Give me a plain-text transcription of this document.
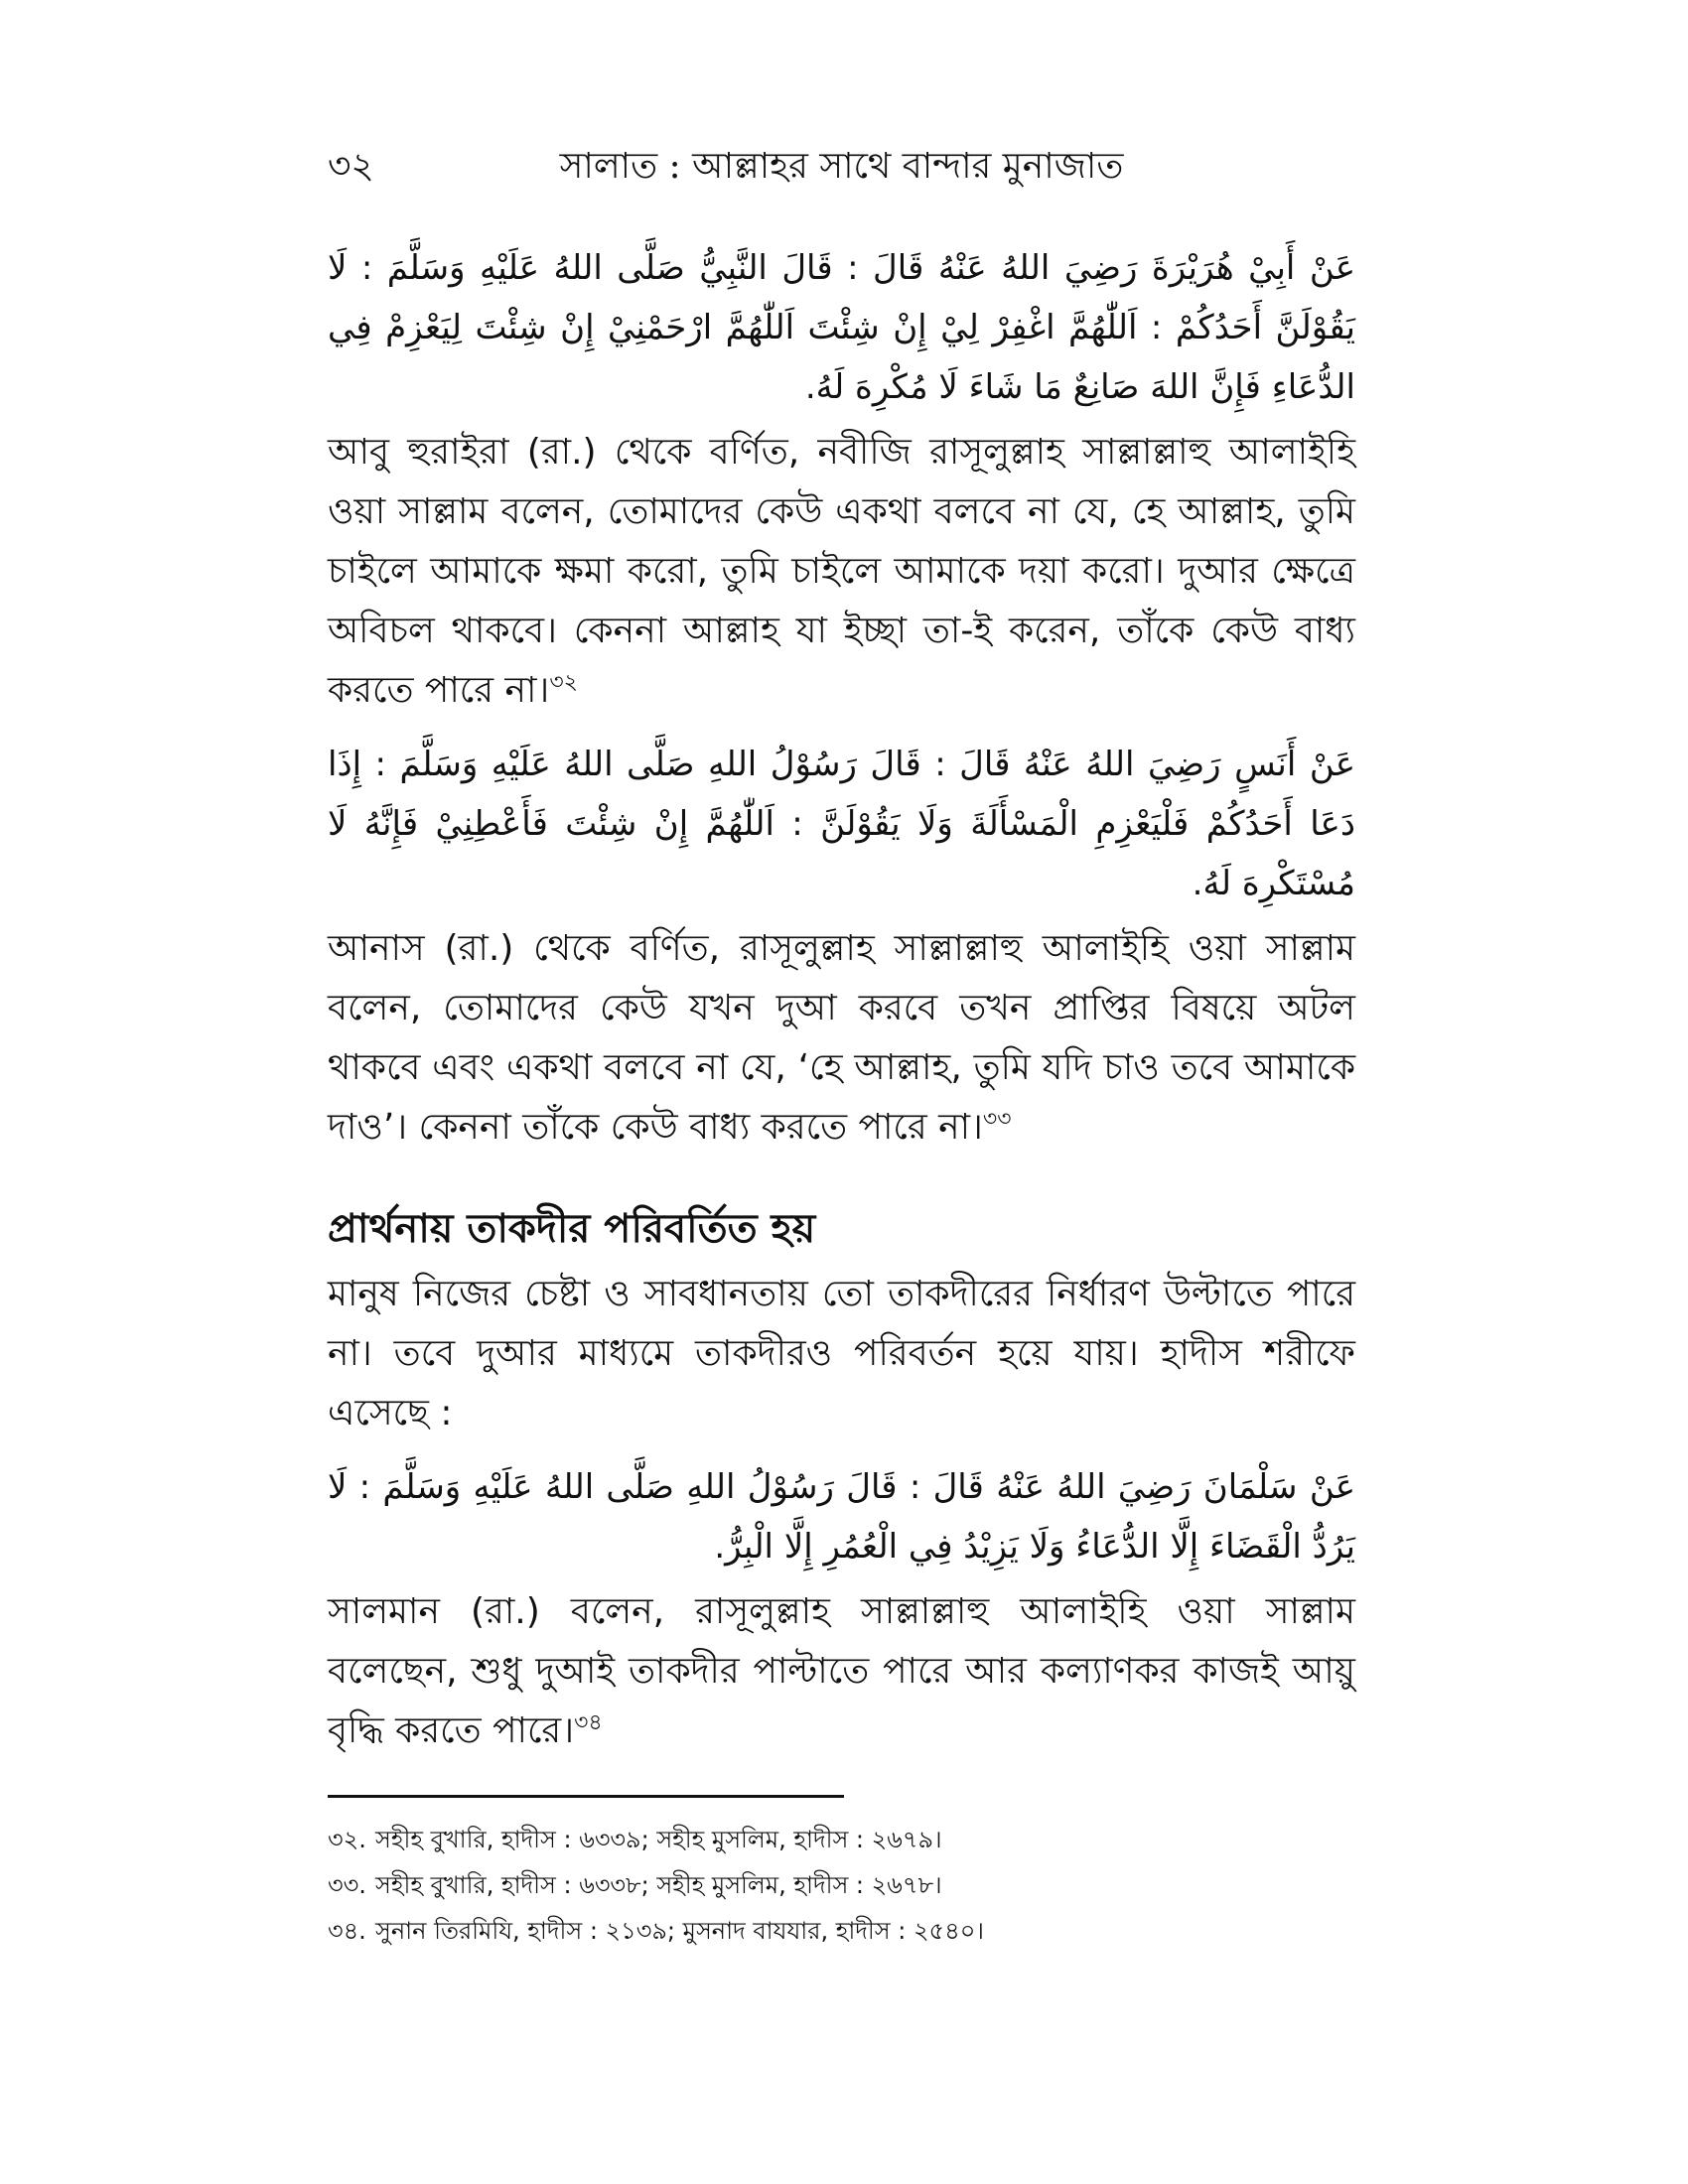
৩২	সালাত : আল্লাহর সাথে বান্দার মুনাজাত

عَنْ أَبِيْ هُرَيْرَةَ رَضِيَ اللهُ عَنْهُ قَالَ : قَالَ النَّبِيُّ صَلَّى اللهُ عَلَيْهِ وَسَلَّمَ : لَا يَقُوْلَنَّ أَحَدُكُمْ : اَللّٰهُمَّ اغْفِرْ لِيْ إِنْ شِئْتَ اَللّٰهُمَّ ارْحَمْنِيْ إِنْ شِئْتَ لِيَعْزِمْ فِي الدُّعَاءِ فَإِنَّ اللهَ صَانِعٌ مَا شَاءَ لَا مُكْرِهَ لَهُ.

আবু হুরাইরা (রা.) থেকে বর্ণিত, নবীজি রাসূলুল্লাহ সাল্লাল্লাহু আলাইহি ওয়া সাল্লাম বলেন, তোমাদের কেউ একথা বলবে না যে, হে আল্লাহ, তুমি চাইলে আমাকে ক্ষমা করো, তুমি চাইলে আমাকে দয়া করো। দুআর ক্ষেত্রে অবিচল থাকবে। কেননা আল্লাহ যা ইচ্ছা তা-ই করেন, তাঁকে কেউ বাধ্য করতে পারে না।$^{৩২}$

عَنْ أَنَسٍ رَضِيَ اللهُ عَنْهُ قَالَ : قَالَ رَسُوْلُ اللهِ صَلَّى اللهُ عَلَيْهِ وَسَلَّمَ : إِذَا دَعَا أَحَدُكُمْ فَلْيَعْزِمِ الْمَسْأَلَةَ وَلَا يَقُوْلَنَّ : اَللّٰهُمَّ إِنْ شِئْتَ فَأَعْطِنِيْ فَإِنَّهُ لَا مُسْتَكْرِهَ لَهُ.

আনাস (রা.) থেকে বর্ণিত, রাসূলুল্লাহ সাল্লাল্লাহু আলাইহি ওয়া সাল্লাম বলেন, তোমাদের কেউ যখন দুআ করবে তখন প্রাপ্তির বিষয়ে অটল থাকবে এবং একথা বলবে না যে, ‘হে আল্লাহ, তুমি যদি চাও তবে আমাকে দাও’। কেননা তাঁকে কেউ বাধ্য করতে পারে না।$^{৩৩}$

প্রার্থনায় তাকদীর পরিবর্তিত হয়

মানুষ নিজের চেষ্টা ও সাবধানতায় তো তাকদীরের নির্ধারণ উল্টাতে পারে না। তবে দুআর মাধ্যমে তাকদীরও পরিবর্তন হয়ে যায়। হাদীস শরীফে এসেছে :

عَنْ سَلْمَانَ رَضِيَ اللهُ عَنْهُ قَالَ : قَالَ رَسُوْلُ اللهِ صَلَّى اللهُ عَلَيْهِ وَسَلَّمَ : لَا يَرُدُّ الْقَضَاءَ إِلَّا الدُّعَاءُ وَلَا يَزِيْدُ فِي الْعُمُرِ إِلَّا الْبِرُّ.

সালমান (রা.) বলেন, রাসূলুল্লাহ সাল্লাল্লাহু আলাইহি ওয়া সাল্লাম বলেছেন, শুধু দুআই তাকদীর পাল্টাতে পারে আর কল্যাণকর কাজই আয়ু বৃদ্ধি করতে পারে।$^{৩৪}$

৩২. সহীহ বুখারি, হাদীস : ৬৩৩৯; সহীহ মুসলিম, হাদীস : ২৬৭৯।

৩৩. সহীহ বুখারি, হাদীস : ৬৩৩৮; সহীহ মুসলিম, হাদীস : ২৬৭৮।

৩৪. সুনান তিরমিযি, হাদীস : ২১৩৯; মুসনাদ বাযযার, হাদীস : ২৫৪০।
